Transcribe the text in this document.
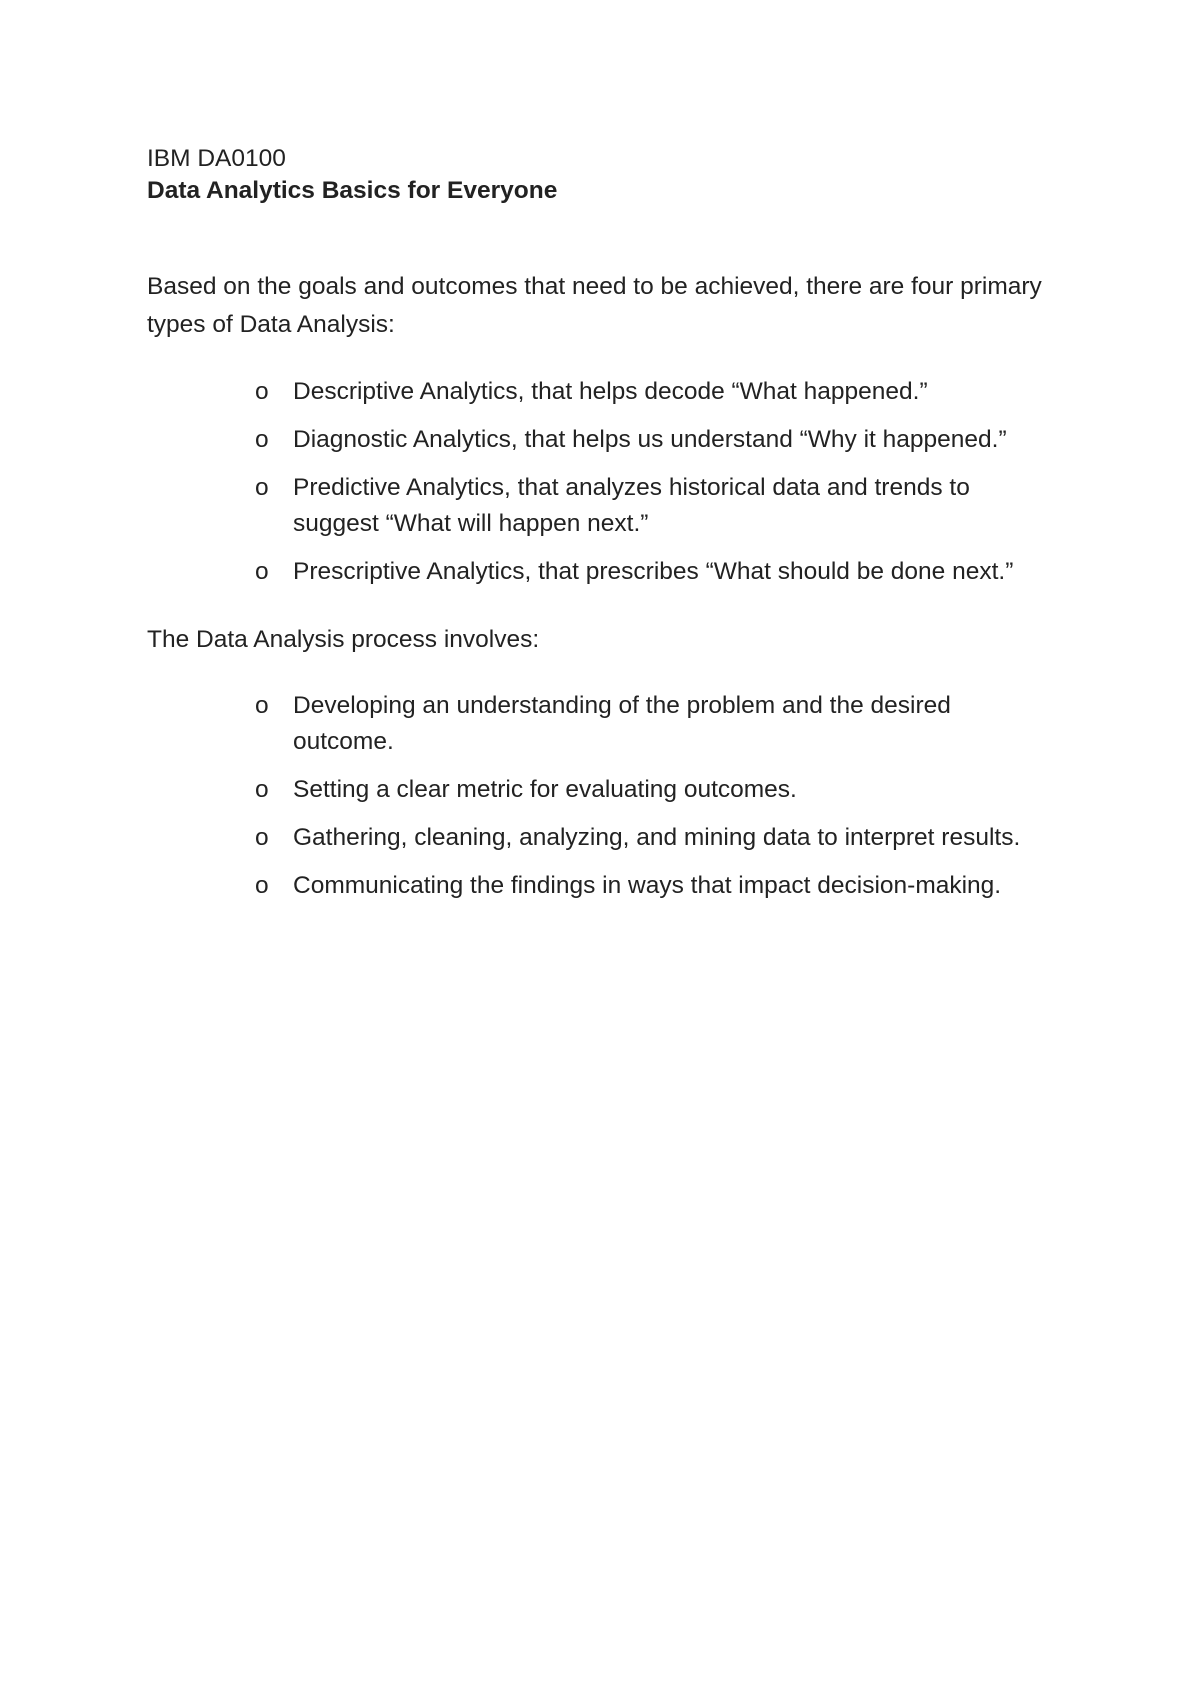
IBM DA0100

Data Analytics Basics for Everyone

Based on the goals and outcomes that need to be achieved, there are four primary types of Data Analysis:

o Descriptive Analytics, that helps decode “What happened.”
o Diagnostic Analytics, that helps us understand “Why it happened.”
o Predictive Analytics, that analyzes historical data and trends to suggest “What will happen next.”
o Prescriptive Analytics, that prescribes “What should be done next.”

The Data Analysis process involves:

o Developing an understanding of the problem and the desired outcome.
o Setting a clear metric for evaluating outcomes.
o Gathering, cleaning, analyzing, and mining data to interpret results.
o Communicating the findings in ways that impact decision-making.
